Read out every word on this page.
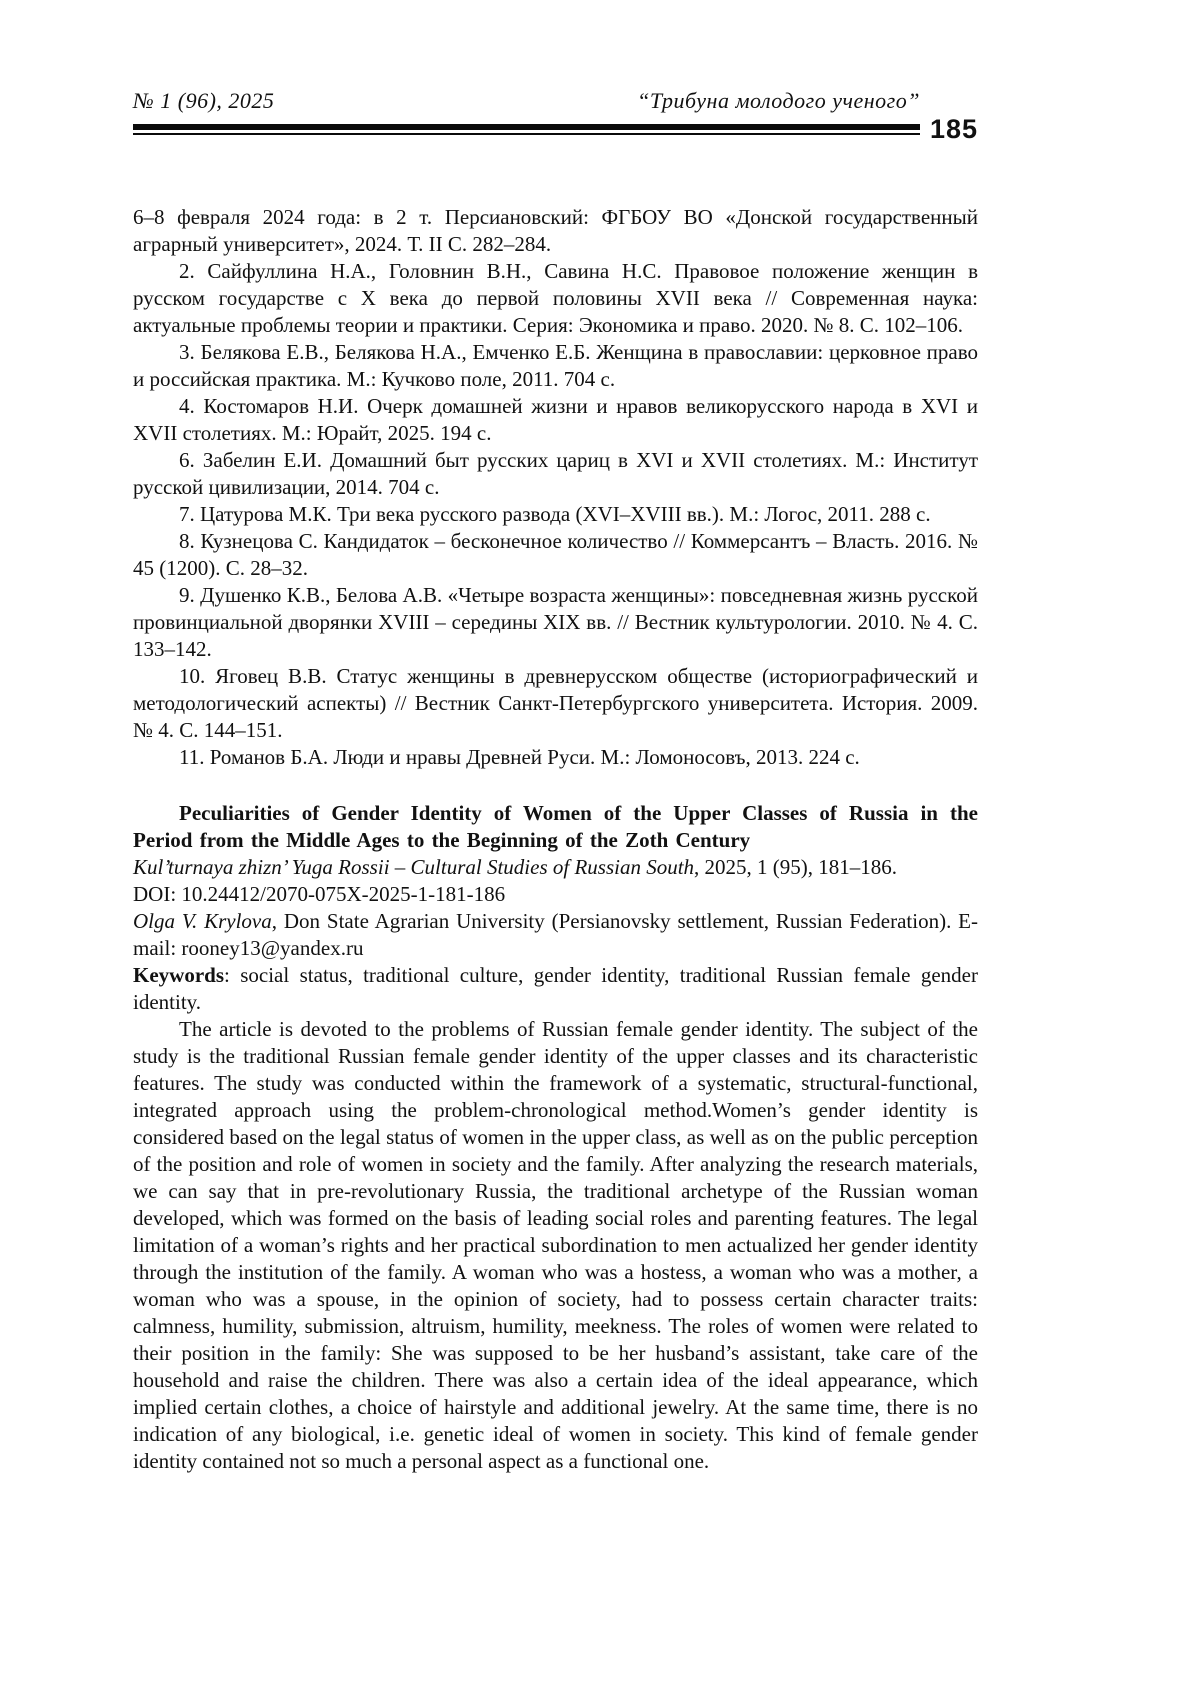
№ 1 (96), 2025	“Трибуна молодого ученого”
185

6–8 февраля 2024 года: в 2 т. Персиановский: ФГБОУ ВО «Донской государственный аграрный университет», 2024. Т. II С. 282–284.

2. Сайфуллина Н.А., Головнин В.Н., Савина Н.С. Правовое положение женщин в русском государстве с X века до первой половины XVII века // Современная наука: актуальные проблемы теории и практики. Серия: Экономика и право. 2020. № 8. С. 102–106.

3. Белякова Е.В., Белякова Н.А., Емченко Е.Б. Женщина в православии: церковное право и российская практика. М.: Кучково поле, 2011. 704 с.

4. Костомаров Н.И. Очерк домашней жизни и нравов великорусского народа в XVI и XVII столетиях. М.: Юрайт, 2025. 194 с.

6. Забелин Е.И. Домашний быт русских цариц в XVI и XVII столетиях. М.: Институт русской цивилизации, 2014. 704 с.

7. Цатурова М.К. Три века русского развода (XVI–XVIII вв.). М.: Логос, 2011. 288 с.

8. Кузнецова С. Кандидаток – бесконечное количество // Коммерсантъ – Власть. 2016. № 45 (1200). С. 28–32.

9. Душенко К.В., Белова А.В. «Четыре возраста женщины»: повседневная жизнь русской провинциальной дворянки XVIII – середины XIX вв. // Вестник культурологии. 2010. № 4. С. 133–142.

10. Яговец В.В. Статус женщины в древнерусском обществе (историографический и методологический аспекты) // Вестник Санкт-Петербургского университета. История. 2009. № 4. С. 144–151.

11. Романов Б.А. Люди и нравы Древней Руси. М.: Ломоносовъ, 2013. 224 с.

Peculiarities of Gender Identity of Women of the Upper Classes of Russia in the Period from the Middle Ages to the Beginning of the Zoth Century

Kul’turnaya zhizn’ Yuga Rossii – Cultural Studies of Russian South, 2025, 1 (95), 181–186.

DOI: 10.24412/2070-075X-2025-1-181-186

Olga V. Krylova, Don State Agrarian University (Persianovsky settlement, Russian Federation). E-mail: rooney13@yandex.ru

Keywords: social status, traditional culture, gender identity, traditional Russian female gender identity.

The article is devoted to the problems of Russian female gender identity. The subject of the study is the traditional Russian female gender identity of the upper classes and its characteristic features. The study was conducted within the framework of a systematic, structural-functional, integrated approach using the problem-chronological method.Women’s gender identity is considered based on the legal status of women in the upper class, as well as on the public perception of the position and role of women in society and the family. After analyzing the research materials, we can say that in pre-revolutionary Russia, the traditional archetype of the Russian woman developed, which was formed on the basis of leading social roles and parenting features. The legal limitation of a woman’s rights and her practical subordination to men actualized her gender identity through the institution of the family. A woman who was a hostess, a woman who was a mother, a woman who was a spouse, in the opinion of society, had to possess certain character traits: calmness, humility, submission, altruism, humility, meekness. The roles of women were related to their position in the family: She was supposed to be her husband’s assistant, take care of the household and raise the children. There was also a certain idea of the ideal appearance, which implied certain clothes, a choice of hairstyle and additional jewelry. At the same time, there is no indication of any biological, i.e. genetic ideal of women in society. This kind of female gender identity contained not so much a personal aspect as a functional one.
